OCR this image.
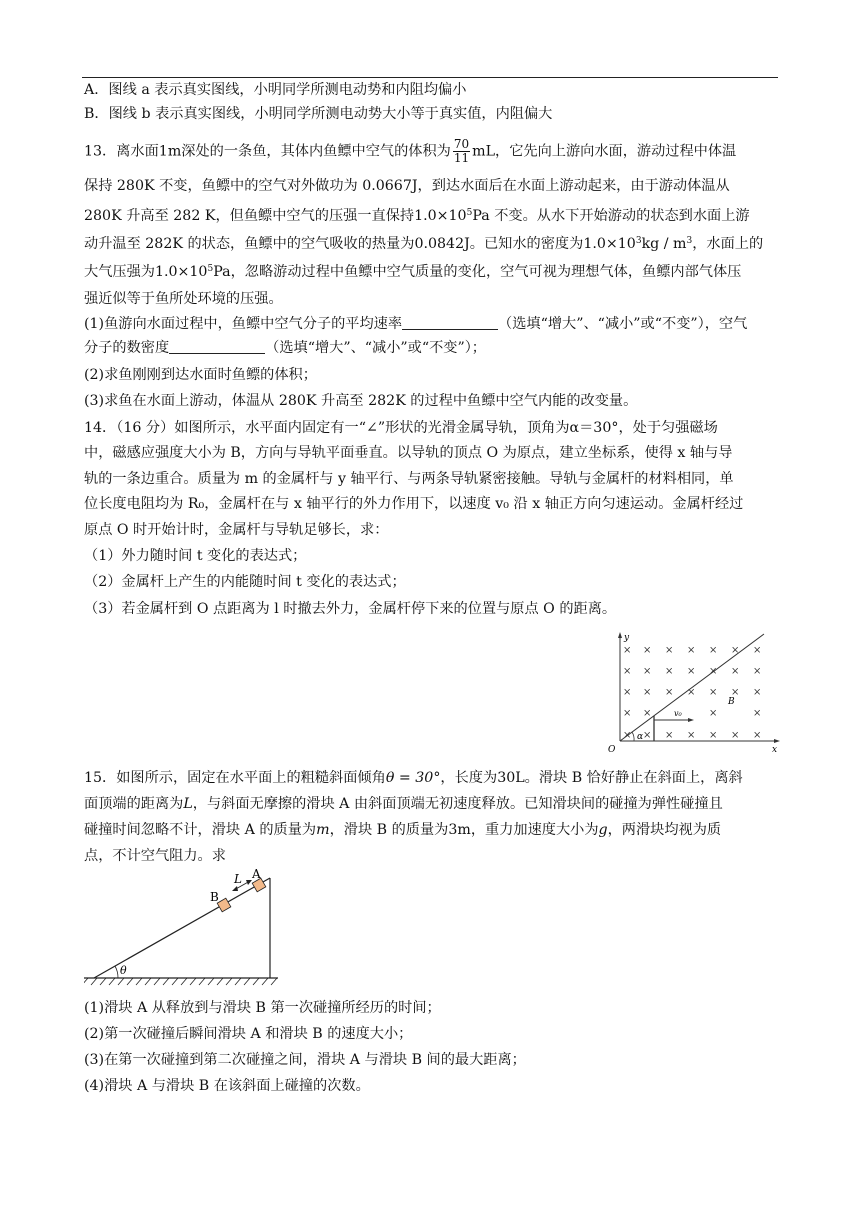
A．图线 a 表示真实图线，小明同学所测电动势和内阻均偏小
B．图线 b 表示真实图线，小明同学所测电动势大小等于真实值，内阻偏大
13．离水面1m深处的一条鱼，其体内鱼鳔中空气的体积为 $\frac{70}{11}$ mL，它先向上游向水面，游动过程中体温
保持 280K 不变，鱼鳔中的空气对外做功为 0.0667J，到达水面后在水面上游动起来，由于游动体温从
280K 升高至 282 K，但鱼鳔中空气的压强一直保持$1.0\times 10^5Pa$ 不变。从水下开始游动的状态到水面上游
动升温至 282K 的状态，鱼鳔中的空气吸收的热量为0.0842J。已知水的密度为$1.0\times 10^3kg / m^3$，水面上的
大气压强为$1.0\times 10^5Pa$，忽略游动过程中鱼鳔中空气质量的变化，空气可视为理想气体，鱼鳔内部气体压
强近似等于鱼所处环境的压强。
(1)鱼游向水面过程中，鱼鳔中空气分子的平均速率	（选填“增大”、“减小”或“不变”），空气
分子的数密度	（选填“增大”、“减小”或“不变”）；
(2)求鱼刚刚到达水面时鱼鳔的体积；
(3)求鱼在水面上游动，体温从 280K 升高至 282K 的过程中鱼鳔中空气内能的改变量。
14．（16 分）如图所示，水平面内固定有一“∠”形状的光滑金属导轨，顶角为α＝30°，处于匀强磁场
中，磁感应强度大小为 B，方向与导轨平面垂直。以导轨的顶点 O 为原点，建立坐标系，使得 x 轴与导
轨的一条边重合。质量为 m 的金属杆与 y 轴平行、与两条导轨紧密接触。导轨与金属杆的材料相同，单
位长度电阻均为 R₀，金属杆在与 x 轴平行的外力作用下，以速度 v₀ 沿 x 轴正方向匀速运动。金属杆经过
原点 O 时开始计时，金属杆与导轨足够长，求：
（1）外力随时间 t 变化的表达式；
（2）金属杆上产生的内能随时间 t 变化的表达式；
（3）若金属杆到 O 点距离为 l 时撤去外力，金属杆停下来的位置与原点 O 的距离。
× × × × × × ×
× × × × × × ×
× × × × × × ×
× ×	×	×
× × × × × × ×
y
x
O
α
B
v₀
15．如图所示，固定在水平面上的粗糙斜面倾角θ = 30°，长度为30L。滑块 B 恰好静止在斜面上，离斜
面顶端的距离为L，与斜面无摩擦的滑块 A 由斜面顶端无初速度释放。已知滑块间的碰撞为弹性碰撞且
碰撞时间忽略不计，滑块 A 的质量为m，滑块 B 的质量为3m，重力加速度大小为g，两滑块均视为质
点，不计空气阻力。求
A
B
L
θ
(1)滑块 A 从释放到与滑块 B 第一次碰撞所经历的时间；
(2)第一次碰撞后瞬间滑块 A 和滑块 B 的速度大小；
(3)在第一次碰撞到第二次碰撞之间，滑块 A 与滑块 B 间的最大距离；
(4)滑块 A 与滑块 B 在该斜面上碰撞的次数。
